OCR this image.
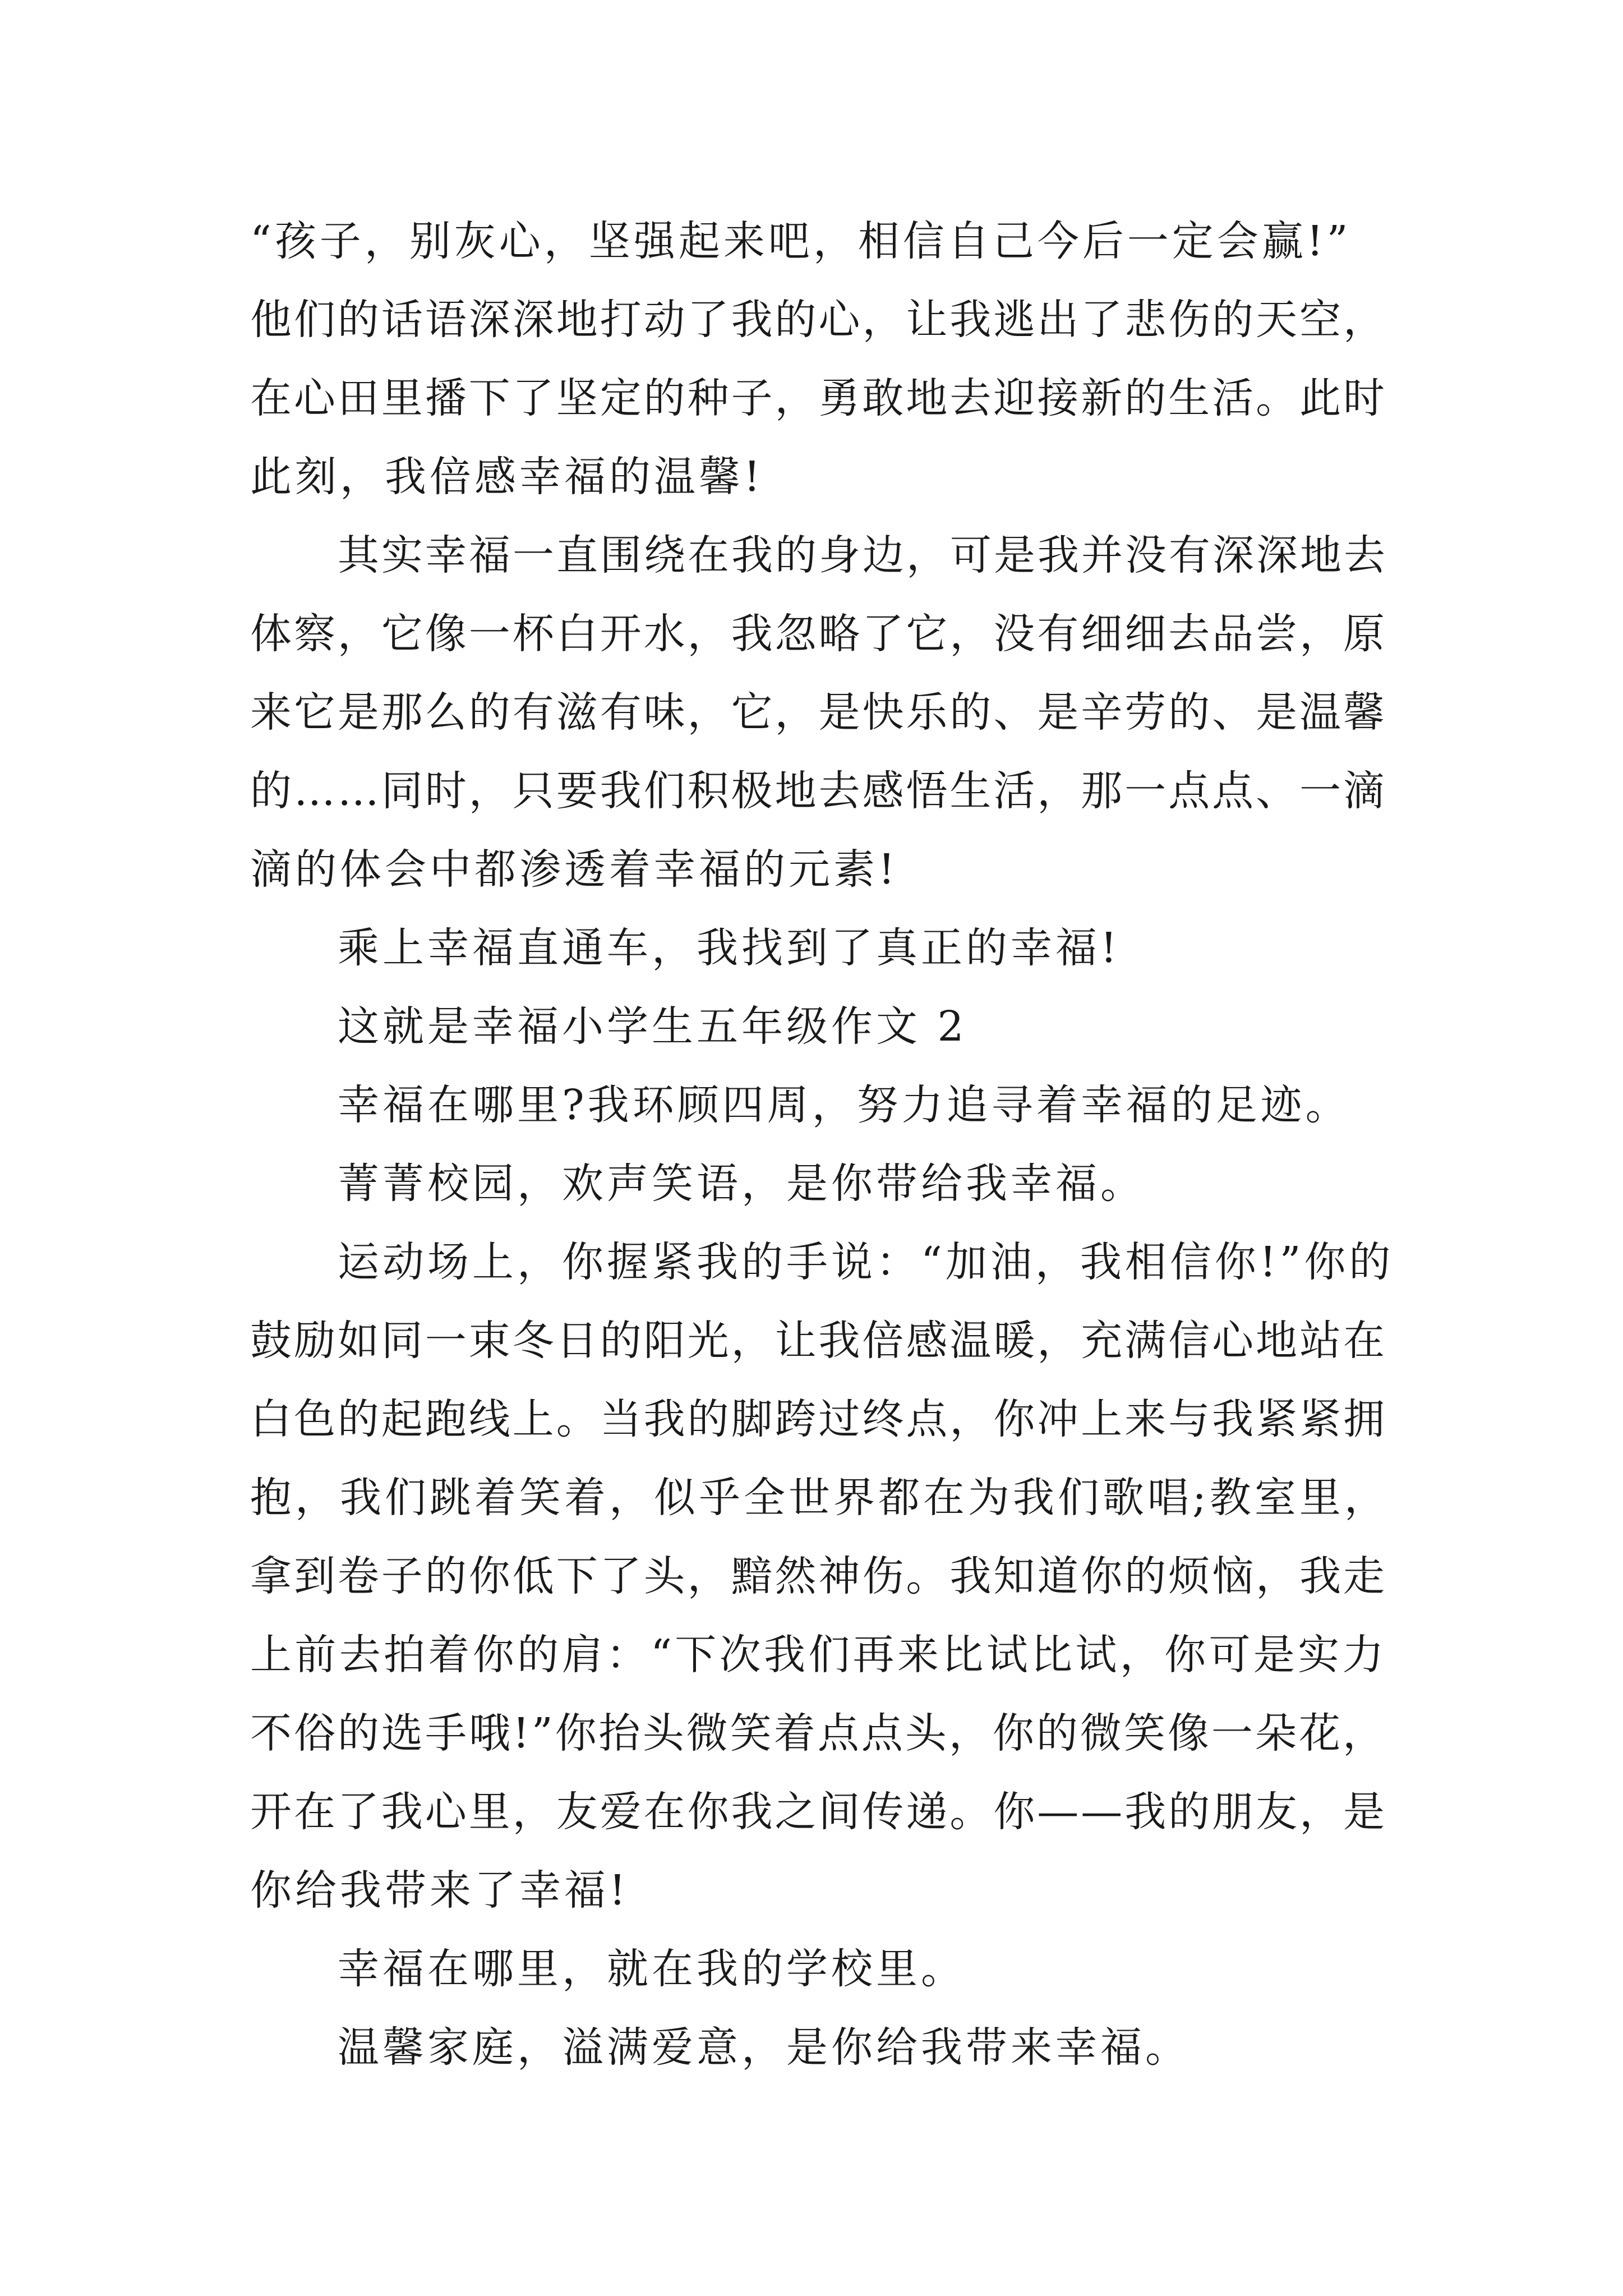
“孩子，别灰心，坚强起来吧，相信自己今后一定会赢!”
他们的话语深深地打动了我的心，让我逃出了悲伤的天空，
在心田里播下了坚定的种子，勇敢地去迎接新的生活。此时
此刻，我倍感幸福的温馨!
其实幸福一直围绕在我的身边，可是我并没有深深地去
体察，它像一杯白开水，我忽略了它，没有细细去品尝，原
来它是那么的有滋有味，它，是快乐的、是辛劳的、是温馨
的……同时，只要我们积极地去感悟生活，那一点点、一滴
滴的体会中都渗透着幸福的元素!
乘上幸福直通车，我找到了真正的幸福!
这就是幸福小学生五年级作文 2
幸福在哪里?我环顾四周，努力追寻着幸福的足迹。
菁菁校园，欢声笑语，是你带给我幸福。
运动场上，你握紧我的手说：“加油，我相信你!”你的
鼓励如同一束冬日的阳光，让我倍感温暖，充满信心地站在
白色的起跑线上。当我的脚跨过终点，你冲上来与我紧紧拥
抱，我们跳着笑着，似乎全世界都在为我们歌唱;教室里，
拿到卷子的你低下了头，黯然神伤。我知道你的烦恼，我走
上前去拍着你的肩：“下次我们再来比试比试，你可是实力
不俗的选手哦!”你抬头微笑着点点头，你的微笑像一朵花，
开在了我心里，友爱在你我之间传递。你——我的朋友，是
你给我带来了幸福!
幸福在哪里，就在我的学校里。
温馨家庭，溢满爱意，是你给我带来幸福。
